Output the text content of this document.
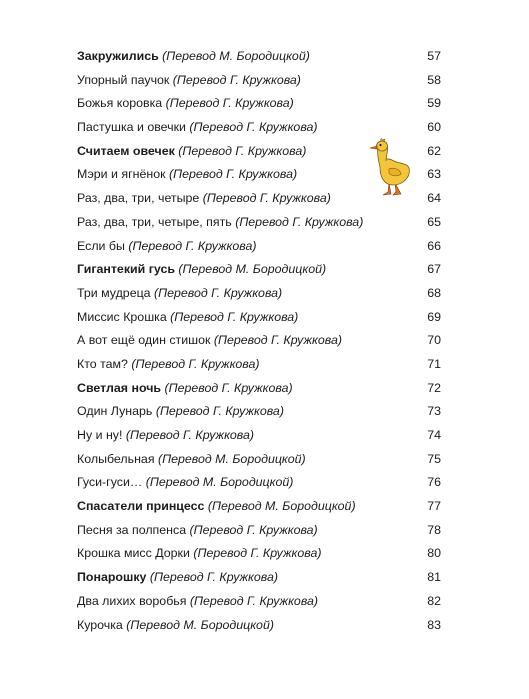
Закружились (Перевод М. Бородицкой)	57
Упорный паучок (Перевод Г. Кружкова)	58
Божья коровка (Перевод Г. Кружкова)	59
Пастушка и овечки (Перевод Г. Кружкова)	60
Считаем овечек (Перевод Г. Кружкова)	62
Мэри и ягнёнок (Перевод Г. Кружкова)	63
Раз, два, три, четыре (Перевод Г. Кружкова)	64
Раз, два, три, четыре, пять (Перевод Г. Кружкова)	65
Если бы (Перевод Г. Кружкова)	66
Гигантекий гусь (Перевод М. Бородицкой)	67
Три мудреца (Перевод Г. Кружкова)	68
Миссис Крошка (Перевод Г. Кружкова)	69
А вот ещё один стишок (Перевод Г. Кружкова)	70
Кто там? (Перевод Г. Кружкова)	71
Светлая ночь (Перевод Г. Кружкова)	72
Один Лунарь (Перевод Г. Кружкова)	73
Ну и ну! (Перевод Г. Кружкова)	74
Колыбельная (Перевод М. Бородицкой)	75
Гуси-гуси… (Перевод М. Бородицкой)	76
Спасатели принцесс (Перевод М. Бородицкой)	77
Песня за полпенса (Перевод Г. Кружкова)	78
Крошка мисс Дорки (Перевод Г. Кружкова)	80
Понарошку (Перевод Г. Кружкова)	81
Два лихих воробья (Перевод Г. Кружкова)	82
Курочка (Перевод М. Бородицкой)	83
